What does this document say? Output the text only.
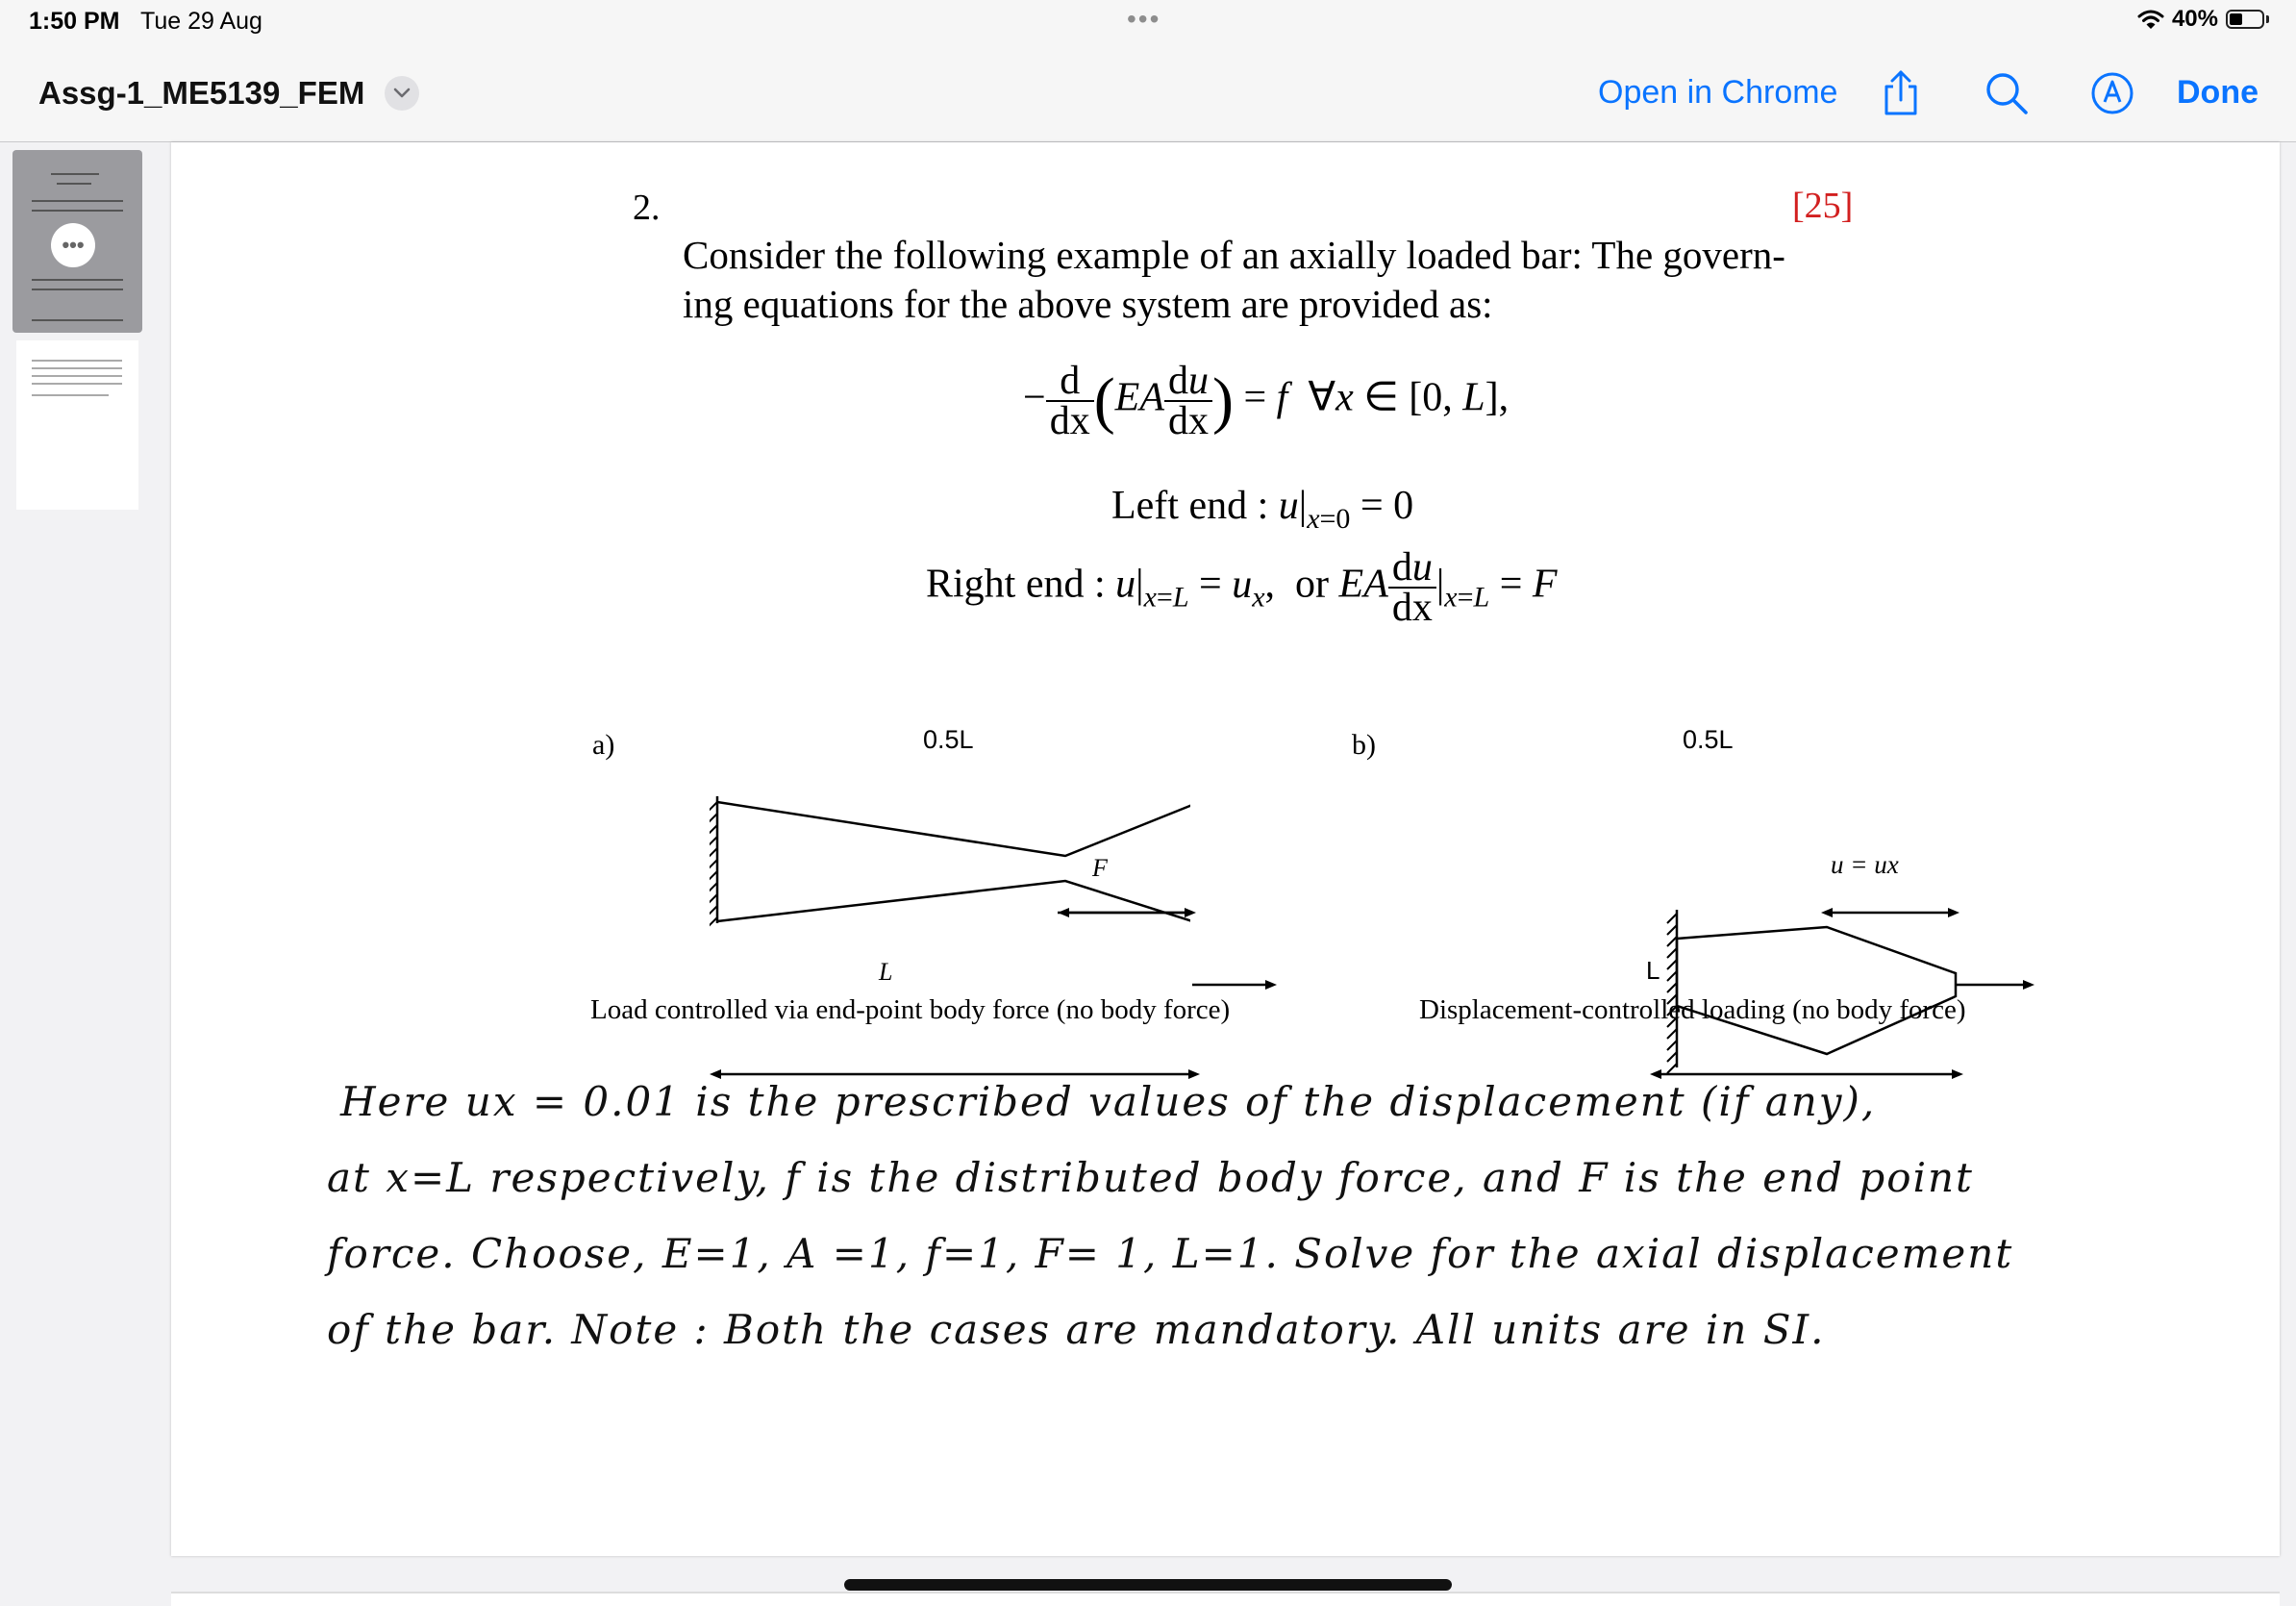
1:50 PM Tue 29 Aug	•••	40%
Assg-1_ME5139_FEM	Open in Chrome	Done
•••
2.	[25]
Consider the following example of an axially loaded bar: The govern-
ing equations for the above system are provided as:
− $\frac{d}{dx} (EA \frac{du}{dx}$ ) = f  ∀x ∈ [0, L],
Left end : $u|_{x=0} = 0$
Right end : $u|_{x=L} = u_x$,  or EA $\frac{du}{dx} |_{x=L} = F$
a)	0.5L
F
L
b)	0.5L
u = ux
L
Load controlled via end-point body force (no body force)	Displacement-controlled loading (no body force)
Here ux = 0.01 is the prescribed values of the displacement (if any),
at x=L respectively, f is the distributed body force, and F is the end point
force. Choose, E=1, A =1, f=1, F= 1, L=1. Solve for the axial displacement
of the bar. Note : Both the cases are mandatory. All units are in SI.
